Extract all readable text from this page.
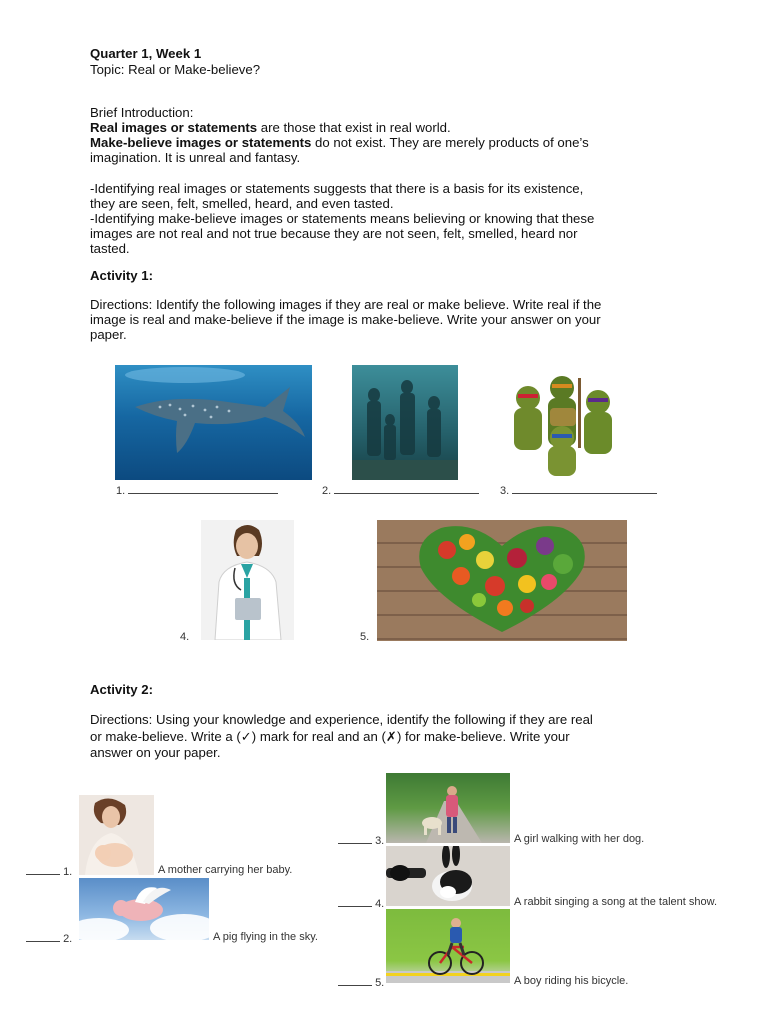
Quarter 1, Week 1
Topic: Real or Make-believe?
Brief Introduction:
Real images or statements are those that exist in real world.
Make-believe images or statements do not exist. They are merely products of one’s
imagination. It is unreal and fantasy.
-Identifying real images or statements suggests that there is a basis for its existence,
they are seen, felt, smelled, heard, and even tasted.
-Identifying make-believe images or statements means believing or knowing that these
images are not real and not true because they are not seen, felt, smelled, heard nor
tasted.
Activity 1:
Directions: Identify the following images if they are real or make believe. Write real if the
image is real and make-believe if the image is make-believe. Write your answer on your
paper.
1.	2.	3.
4.	5.
Activity 2:
Directions: Using your knowledge and experience, identify the following if they are real
or make-believe. Write a (✓) mark for real and an (✗) for make-believe. Write your
answer on your paper.
1.	A mother carrying her baby.
2.	A pig flying in the sky.
3.	A girl walking with her dog.
4.	A rabbit singing a song at the talent show.
5.	A boy riding his bicycle.
